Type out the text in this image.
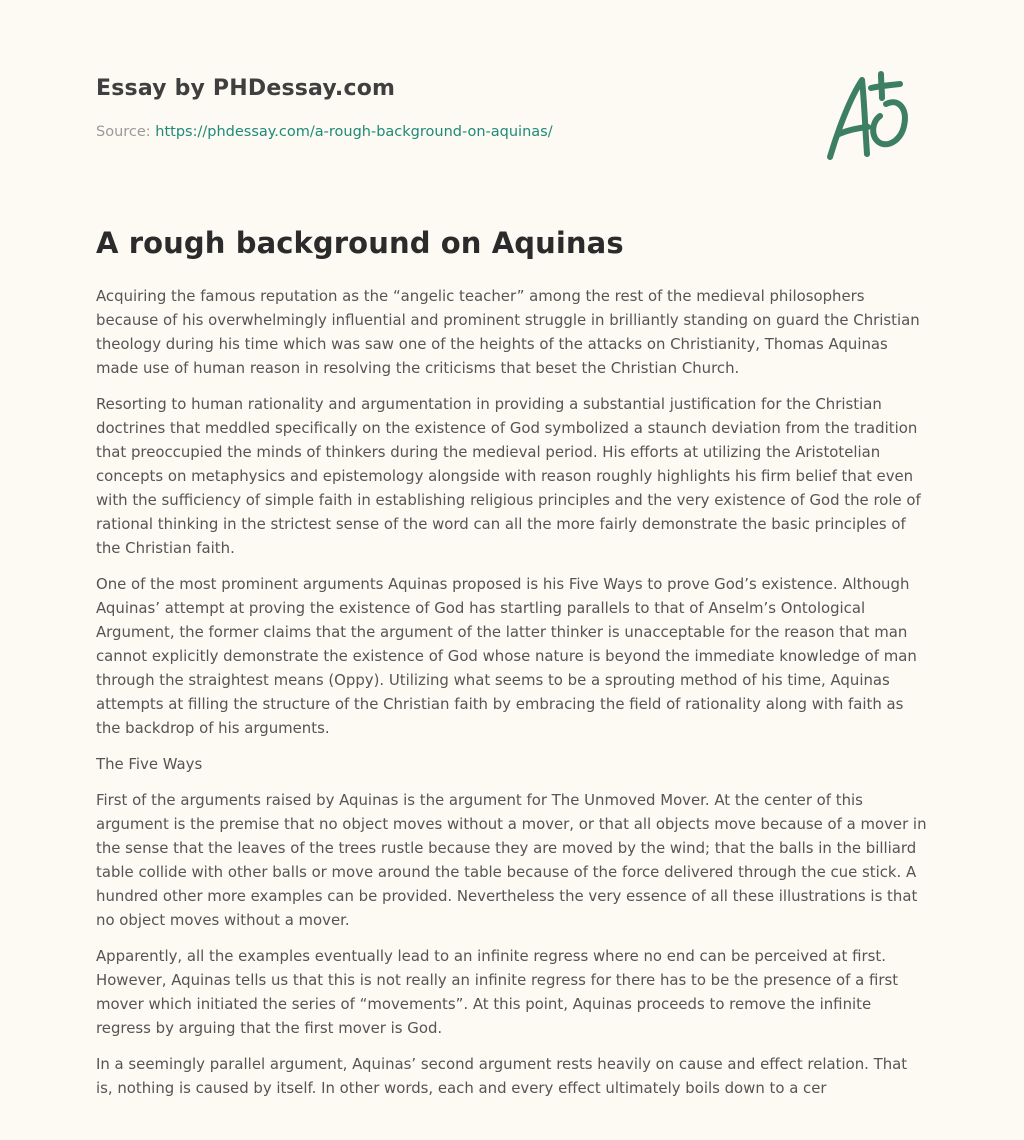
Essay by PHDessay.com
Source: https://phdessay.com/a-rough-background-on-aquinas/
A rough background on Aquinas

Acquiring the famous reputation as the “angelic teacher” among the rest of the medieval philosophers because of his overwhelmingly influential and prominent struggle in brilliantly standing on guard the Christian theology during his time which was saw one of the heights of the attacks on Christianity, Thomas Aquinas made use of human reason in resolving the criticisms that beset the Christian Church.

Resorting to human rationality and argumentation in providing a substantial justification for the Christian doctrines that meddled specifically on the existence of God symbolized a staunch deviation from the tradition that preoccupied the minds of thinkers during the medieval period. His efforts at utilizing the Aristotelian concepts on metaphysics and epistemology alongside with reason roughly highlights his firm belief that even with the sufficiency of simple faith in establishing religious principles and the very existence of God the role of rational thinking in the strictest sense of the word can all the more fairly demonstrate the basic principles of the Christian faith.

One of the most prominent arguments Aquinas proposed is his Five Ways to prove God’s existence. Although Aquinas’ attempt at proving the existence of God has startling parallels to that of Anselm’s Ontological Argument, the former claims that the argument of the latter thinker is unacceptable for the reason that man cannot explicitly demonstrate the existence of God whose nature is beyond the immediate knowledge of man through the straightest means (Oppy). Utilizing what seems to be a sprouting method of his time, Aquinas attempts at filling the structure of the Christian faith by embracing the field of rationality along with faith as the backdrop of his arguments.

The Five Ways

First of the arguments raised by Aquinas is the argument for The Unmoved Mover. At the center of this argument is the premise that no object moves without a mover, or that all objects move because of a mover in the sense that the leaves of the trees rustle because they are moved by the wind; that the balls in the billiard table collide with other balls or move around the table because of the force delivered through the cue stick. A hundred other more examples can be provided. Nevertheless the very essence of all these illustrations is that no object moves without a mover.

Apparently, all the examples eventually lead to an infinite regress where no end can be perceived at first. However, Aquinas tells us that this is not really an infinite regress for there has to be the presence of a first mover which initiated the series of “movements”. At this point, Aquinas proceeds to remove the infinite regress by arguing that the first mover is God.

In a seemingly parallel argument, Aquinas’ second argument rests heavily on cause and effect relation. That is, nothing is caused by itself. In other words, each and every effect ultimately boils down to a cer
